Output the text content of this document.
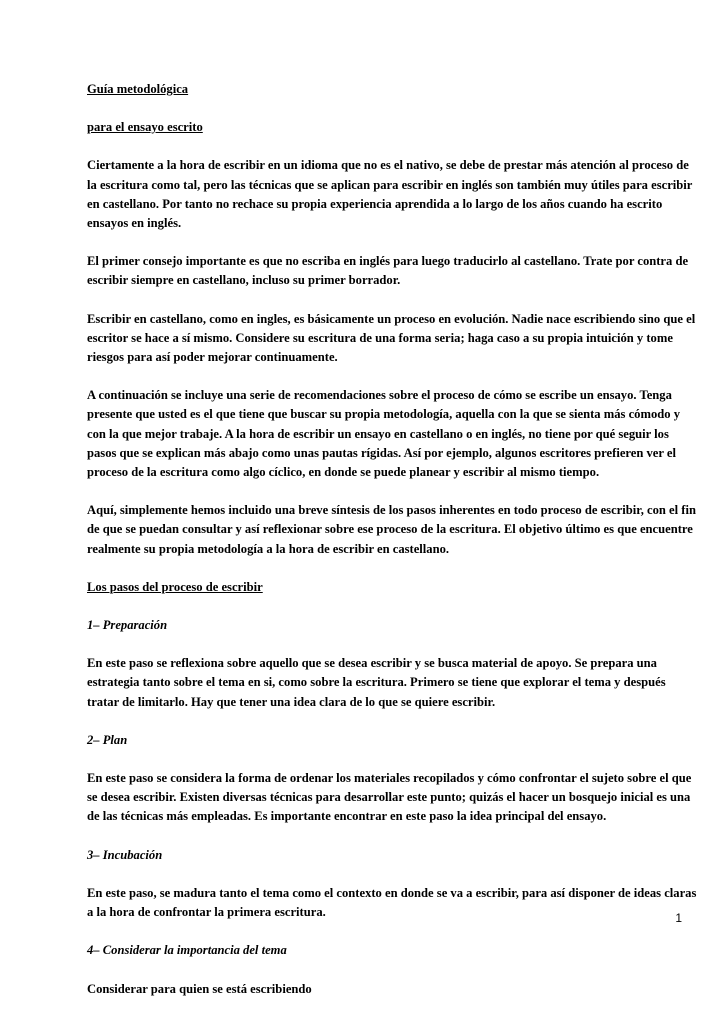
Guía metodológica
para el ensayo escrito
Ciertamente a la hora de escribir en un idioma que no es el nativo, se debe de prestar más atención al proceso de la escritura como tal, pero las técnicas que se aplican para escribir en inglés son también muy útiles para escribir en castellano. Por tanto no rechace su propia experiencia aprendida a lo largo de los años cuando ha escrito ensayos en inglés.
El primer consejo importante es que no escriba en inglés para luego traducirlo al castellano. Trate por contra de escribir siempre en castellano, incluso su primer borrador.
Escribir en castellano, como en ingles, es básicamente un proceso en evolución. Nadie nace escribiendo sino que el escritor se hace a sí mismo. Considere su escritura de una forma seria; haga caso a su propia intuición y tome riesgos para así poder mejorar continuamente.
A continuación se incluye una serie de recomendaciones sobre el proceso de cómo se escribe un ensayo. Tenga presente que usted es el que tiene que buscar su propia metodología, aquella con la que se sienta más cómodo y con la que mejor trabaje. A la hora de escribir un ensayo en castellano o en inglés, no tiene por qué seguir los pasos que se explican más abajo como unas pautas rígidas. Así por ejemplo, algunos escritores prefieren ver el proceso de la escritura como algo cíclico, en donde se puede planear y escribir al mismo tiempo.
Aquí, simplemente hemos incluido una breve síntesis de los pasos inherentes en todo proceso de escribir, con el fin de que se puedan consultar y así reflexionar sobre ese proceso de la escritura. El objetivo último es que encuentre realmente su propia metodología a la hora de escribir en castellano.
Los pasos del proceso de escribir
1– Preparación
En este paso se reflexiona sobre aquello que se desea escribir y se busca material de apoyo. Se prepara una estrategia tanto sobre el tema en si, como sobre la escritura. Primero se tiene que explorar el tema y después tratar de limitarlo. Hay que tener una idea clara de lo que se quiere escribir.
2– Plan
En este paso se considera la forma de ordenar los materiales recopilados y cómo confrontar el sujeto sobre el que se desea escribir. Existen diversas técnicas para desarrollar este punto; quizás el hacer un bosquejo inicial es una de las técnicas más empleadas. Es importante encontrar en este paso la idea principal del ensayo.
3– Incubación
En este paso, se madura tanto el tema como el contexto en donde se va a escribir, para así disponer de ideas claras a la hora de confrontar la primera escritura.
4– Considerar la importancia del tema
Considerar para quien se está escribiendo
1
